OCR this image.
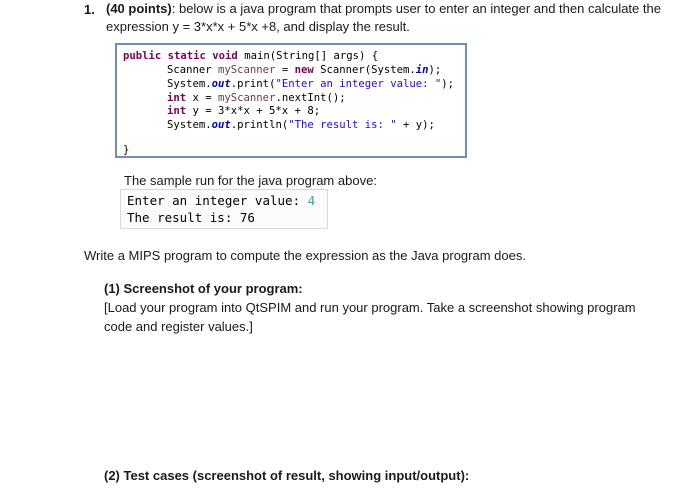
1. (40 points): below is a java program that prompts user to enter an integer and then calculate the expression y = 3*x*x + 5*x +8, and display the result.
public static void main(String[] args) {
Scanner myScanner = new Scanner(System.in);
System.out.print("Enter an integer value: ");
int x = myScanner.nextInt();
int y = 3*x*x + 5*x + 8;
System.out.println("The result is: " + y);
}
The sample run for the java program above:
Enter an integer value: 4
The result is: 76
Write a MIPS program to compute the expression as the Java program does.
(1) Screenshot of your program:
[Load your program into QtSPIM and run your program. Take a screenshot showing program code and register values.]
(2) Test cases (screenshot of result, showing input/output):
